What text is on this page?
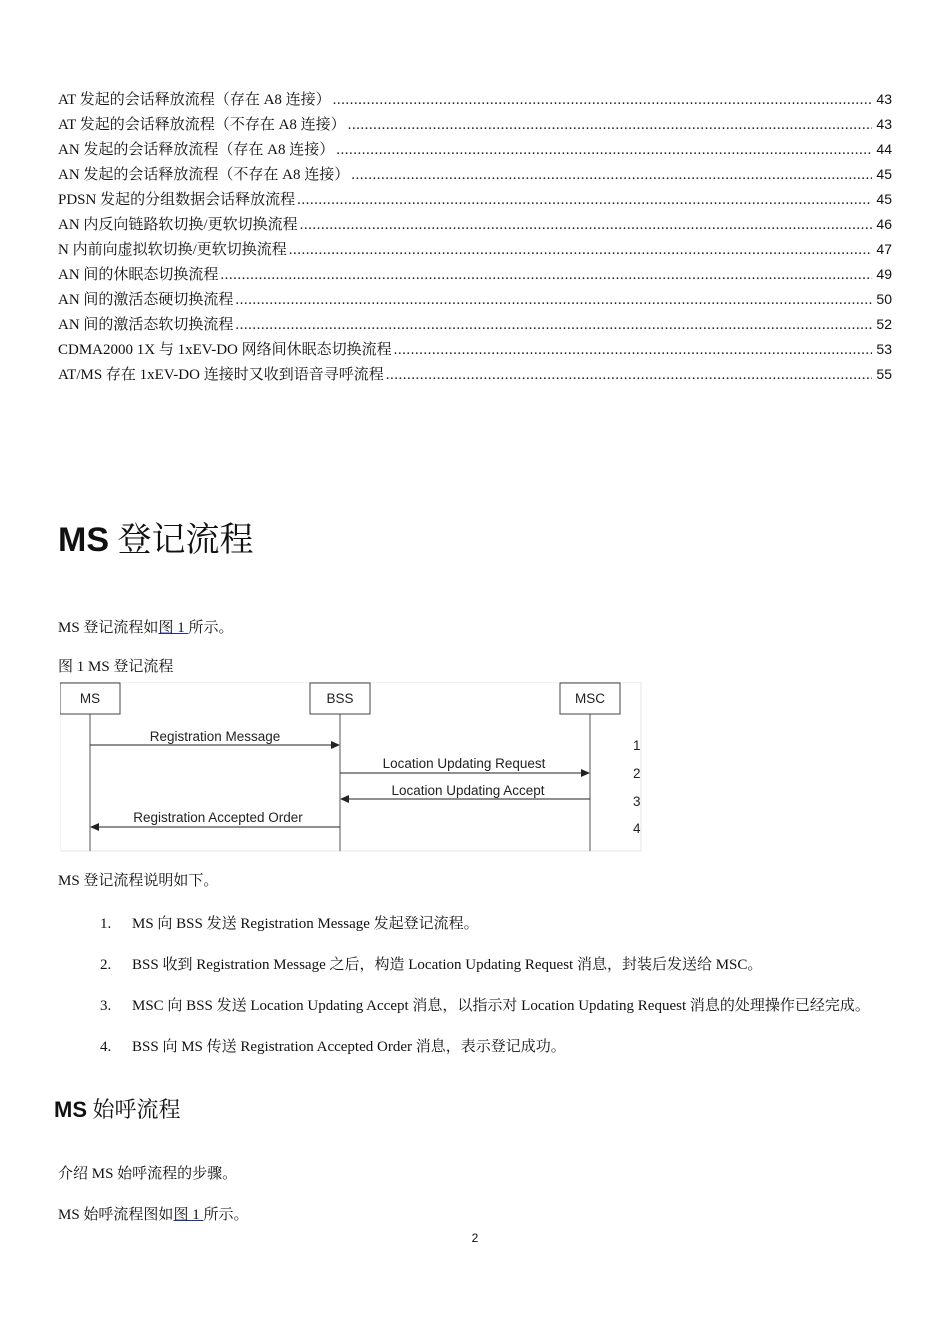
AT 发起的会话释放流程（存在 A8 连接） .....	43
AT 发起的会话释放流程（不存在 A8 连接） .....	43
AN 发起的会话释放流程（存在 A8 连接） .....	44
AN 发起的会话释放流程（不存在 A8 连接） .....	45
PDSN 发起的分组数据会话释放流程 .....	45
AN 内反向链路软切换/更软切换流程 .....	46
N 内前向虚拟软切换/更软切换流程 .....	47
AN 间的休眠态切换流程 .....	49
AN 间的激活态硬切换流程 .....	50
AN 间的激活态软切换流程 .....	52
CDMA2000 1X 与 1xEV-DO 网络间休眠态切换流程 .....	53
AT/MS 存在 1xEV-DO 连接时又收到语音寻呼流程 .....	55
MS 登记流程
MS 登记流程如图 1 所示。
图 1 MS 登记流程
MS	BSS	MSC
Registration Message
Location Updating Request
Location Updating Accept
Registration Accepted Order
1
2
3
4
MS 登记流程说明如下。
1.	MS 向 BSS 发送 Registration Message 发起登记流程。
2.	BSS 收到 Registration Message 之后，构造 Location Updating Request 消息，封装后发送给 MSC。
3.	MSC 向 BSS 发送 Location Updating Accept 消息，以指示对 Location Updating Request 消息的处理操作已经完成。
4.	BSS 向 MS 传送 Registration Accepted Order 消息，表示登记成功。
MS 始呼流程
介绍 MS 始呼流程的步骤。
MS 始呼流程图如图 1 所示。
2
